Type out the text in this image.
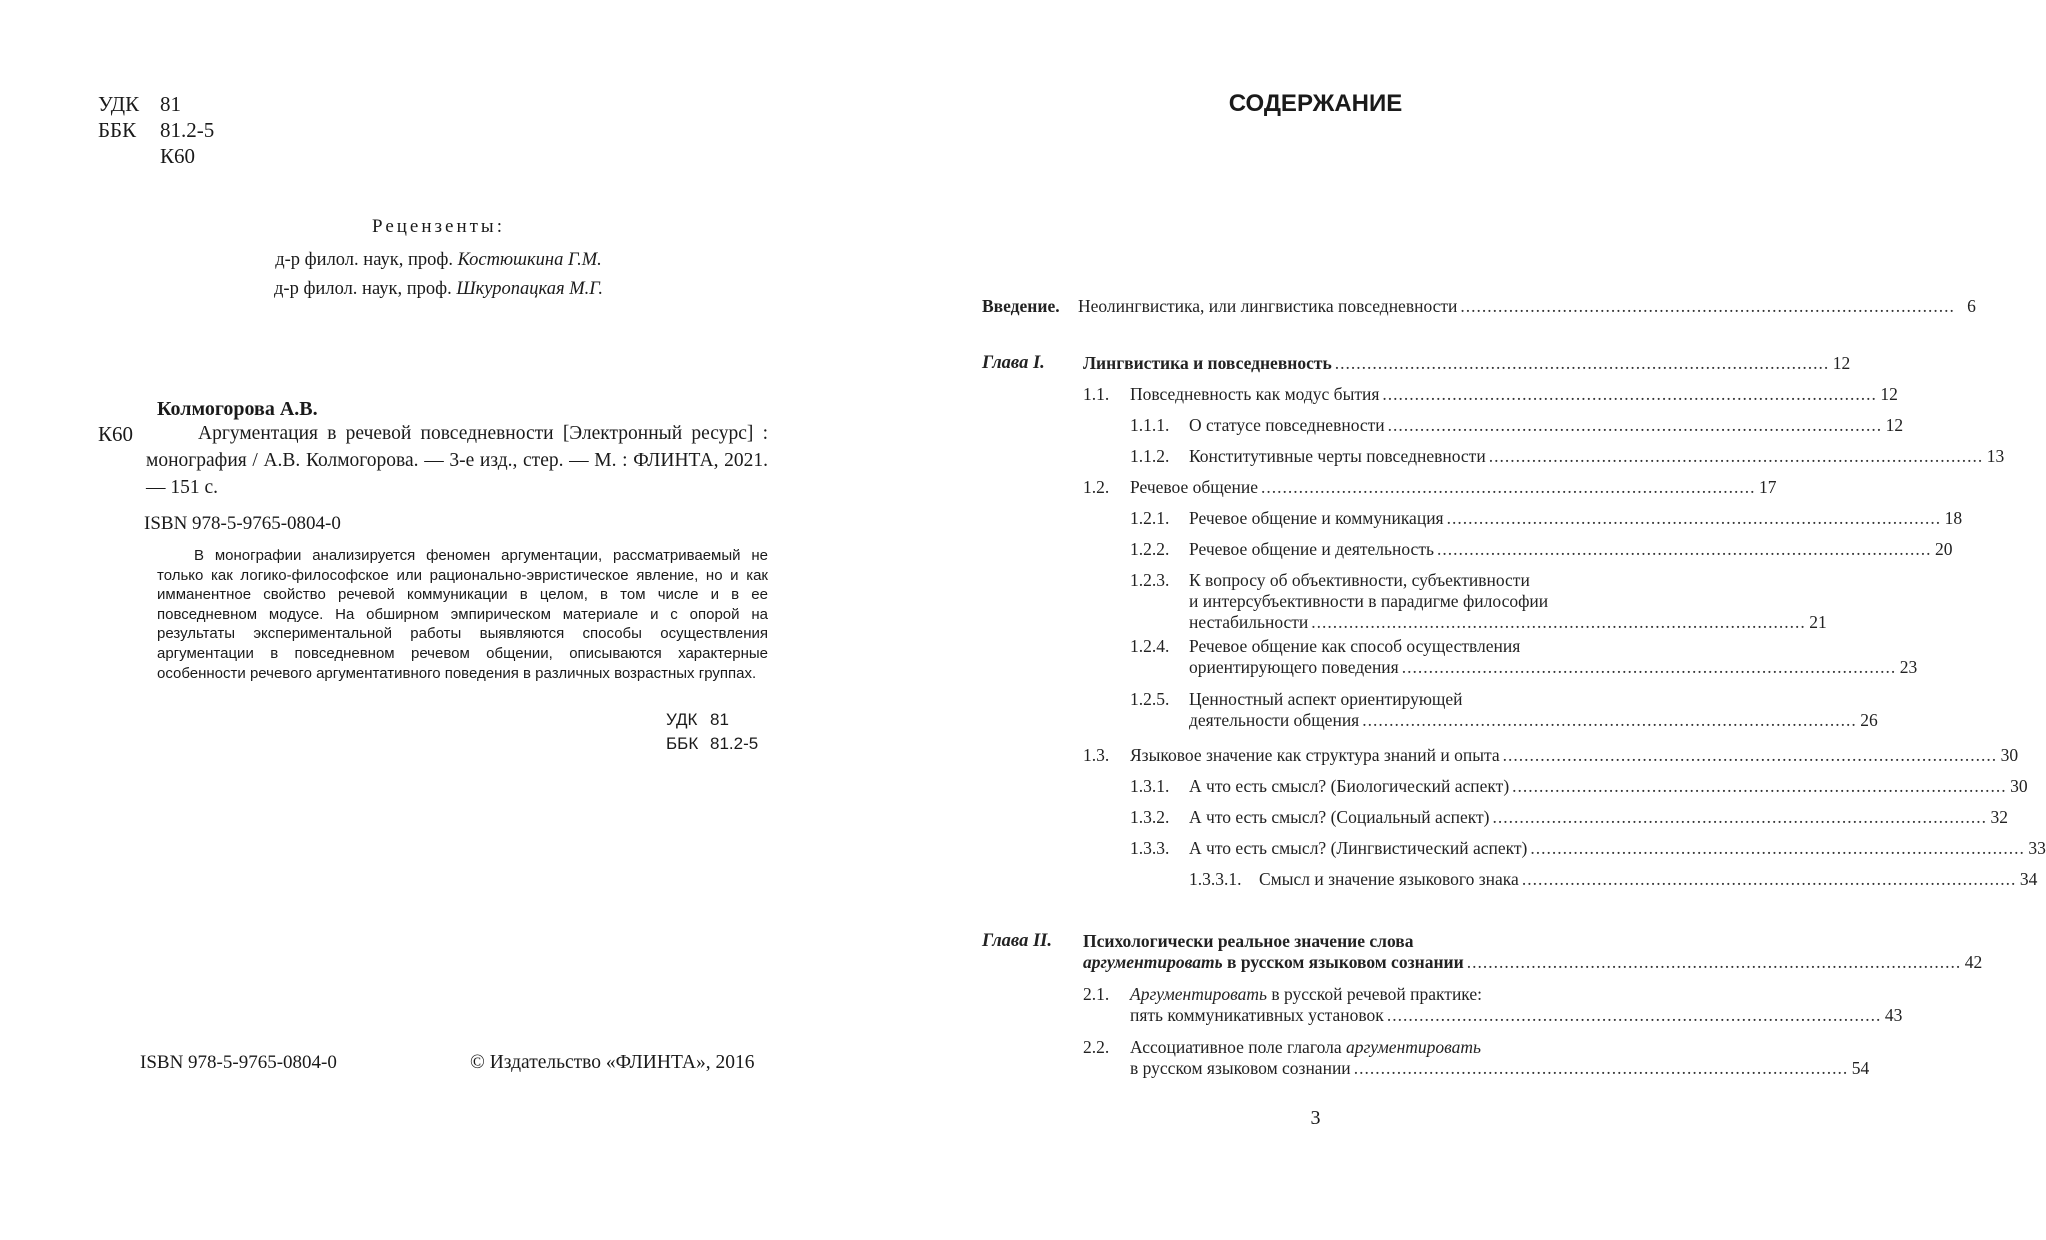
УДК 81
ББК	81.2-5
К60
Рецензенты:
д-р филол. наук, проф. Костюшкина Г.М.
д-р филол. наук, проф. Шкуропацкая М.Г.
Колмогорова А.В.
К60	Аргументация в речевой повседневности [Электронный ресурс] : монография / А.В. Колмогорова. — 3-е изд., стер. — М. : ФЛИНТА, 2021. — 151 с.
ISBN 978-5-9765-0804-0
В монографии анализируется феномен аргументации, рассматриваемый не только как логико-философское или рационально-эвристическое явление, но и как имманентное свойство речевой коммуникации в целом, в том числе и в ее повседневном модусе. На обширном эмпирическом материале и с опорой на результаты экспериментальной работы выявляются способы осуществления аргументации в повседневном речевом общении, описываются характерные особенности речевого аргументативного поведения в различных возрастных группах.
УДК 81
ББК 81.2-5
ISBN 978-5-9765-0804-0	© Издательство «ФЛИНТА», 2016
СОДЕРЖАНИЕ
Введение. Неолингвистика, или лингвистика повседневности ............................................................................................ 6
Глава I. Лингвистика и повседневность ............................................................................................ 12
1.1. Повседневность как модус бытия ............................................................................................ 12
1.1.1. О статусе повседневности ............................................................................................ 12
1.1.2. Конститутивные черты повседневности ............................................................................................ 13
1.2. Речевое общение ............................................................................................ 17
1.2.1. Речевое общение и коммуникация ............................................................................................ 18
1.2.2. Речевое общение и деятельность ............................................................................................ 20
1.2.3. К вопросу об объективности, субъективности
и интерсубъективности в парадигме философии
нестабильности ............................................................................................ 21
1.2.4. Речевое общение как способ осуществления
ориентирующего поведения ............................................................................................ 23
1.2.5. Ценностный аспект ориентирующей
деятельности общения ............................................................................................ 26
1.3. Языковое значение как структура знаний и опыта ............................................................................................ 30
1.3.1. А что есть смысл? (Биологический аспект) ............................................................................................ 30
1.3.2. А что есть смысл? (Социальный аспект) ............................................................................................ 32
1.3.3. А что есть смысл? (Лингвистический аспект) ............................................................................................ 33
1.3.3.1. Смысл и значение языкового знака ............................................................................................ 34
Глава II. Психологически реальное значение слова
аргументировать в русском языковом сознании ............................................................................................ 42
2.1. Аргументировать в русской речевой практике:
пять коммуникативных установок ............................................................................................ 43
2.2. Ассоциативное поле глагола аргументировать
в русском языковом сознании ............................................................................................ 54
3
